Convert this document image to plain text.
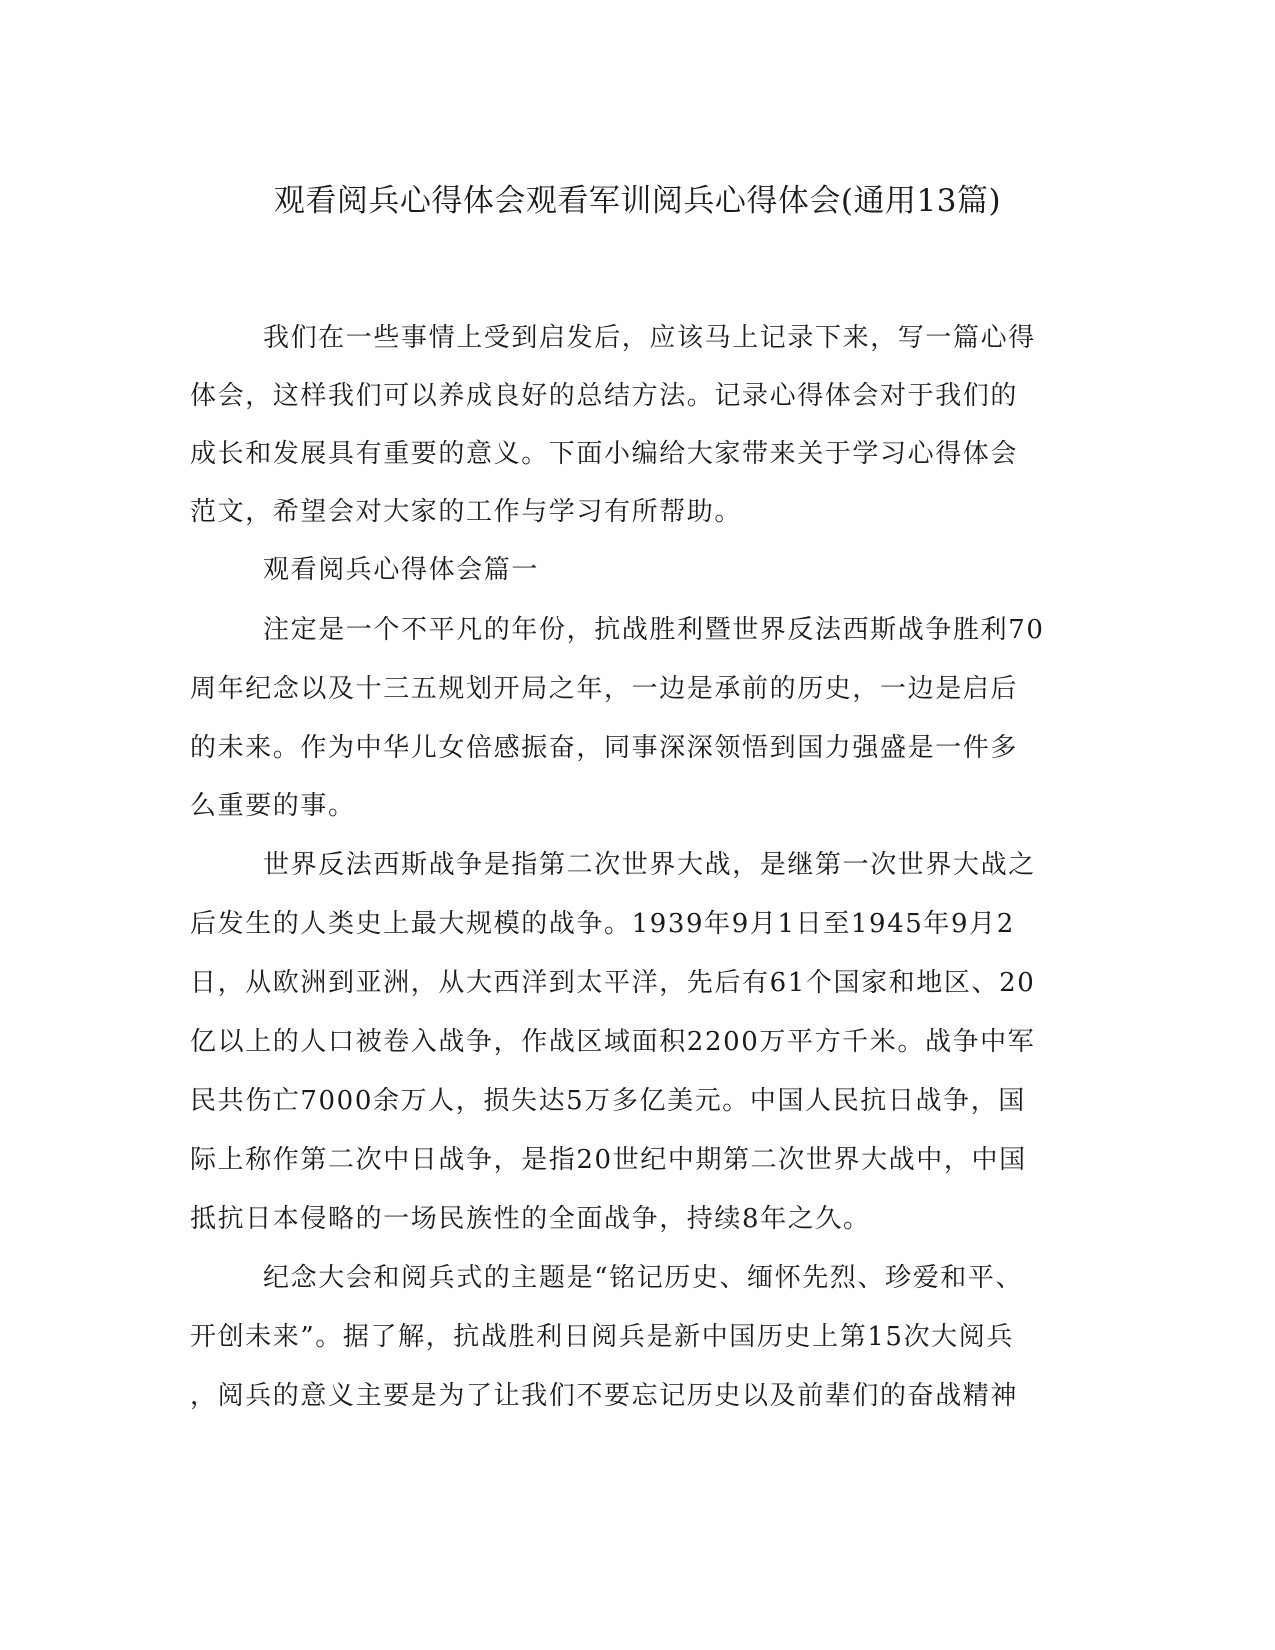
观看阅兵心得体会观看军训阅兵心得体会(通用13篇)
我们在一些事情上受到启发后，应该马上记录下来，写一篇心得
体会，这样我们可以养成良好的总结方法。记录心得体会对于我们的
成长和发展具有重要的意义。下面小编给大家带来关于学习心得体会
范文，希望会对大家的工作与学习有所帮助。
观看阅兵心得体会篇一
注定是一个不平凡的年份，抗战胜利暨世界反法西斯战争胜利70
周年纪念以及十三五规划开局之年，一边是承前的历史，一边是启后
的未来。作为中华儿女倍感振奋，同事深深领悟到国力强盛是一件多
么重要的事。
世界反法西斯战争是指第二次世界大战，是继第一次世界大战之
后发生的人类史上最大规模的战争。1939年9月1日至1945年9月2
日，从欧洲到亚洲，从大西洋到太平洋，先后有61个国家和地区、20
亿以上的人口被卷入战争，作战区域面积2200万平方千米。战争中军
民共伤亡7000余万人，损失达5万多亿美元。中国人民抗日战争，国
际上称作第二次中日战争，是指20世纪中期第二次世界大战中，中国
抵抗日本侵略的一场民族性的全面战争，持续8年之久。
纪念大会和阅兵式的主题是“铭记历史、缅怀先烈、珍爱和平、
开创未来”。据了解，抗战胜利日阅兵是新中国历史上第15次大阅兵
，阅兵的意义主要是为了让我们不要忘记历史以及前辈们的奋战精神
